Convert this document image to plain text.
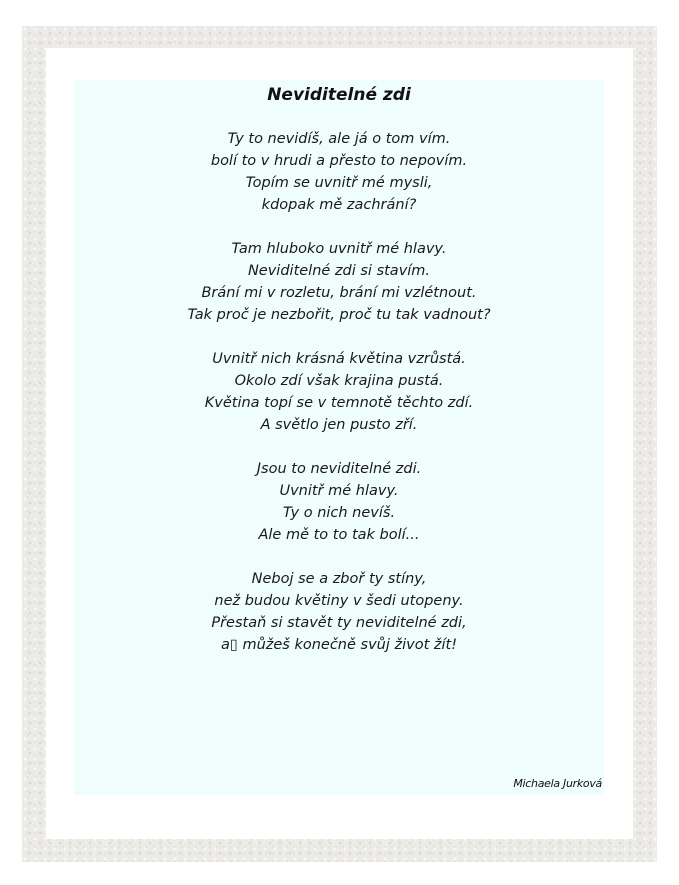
Neviditelné zdi
Ty to nevidíš, ale já o tom vím.
bolí to v hrudi a přesto to nepovím.
Topím se uvnitř mé mysli,
kdopak mě zachrání?
Tam hluboko uvnitř mé hlavy.
Neviditelné zdi si stavím.
Brání mi v rozletu, brání mi vzlétnout.
Tak proč je nezbořit, proč tu tak vadnout?
Uvnitř nich krásná květina vzrůstá.
Okolo zdí však krajina pustá.
Květina topí se v temnotě těchto zdí.
A světlo jen pusto zří.
Jsou to neviditelné zdi.
Uvnitř mé hlavy.
Ty o nich nevíš.
Ale mě to to tak bolí...
Neboj se a zboř ty stíny,
než budou květiny v šedi utopeny.
Přestaň si stavět ty neviditelné zdi,
a▯ můžeš konečně svůj život žít!
Michaela Jurková
